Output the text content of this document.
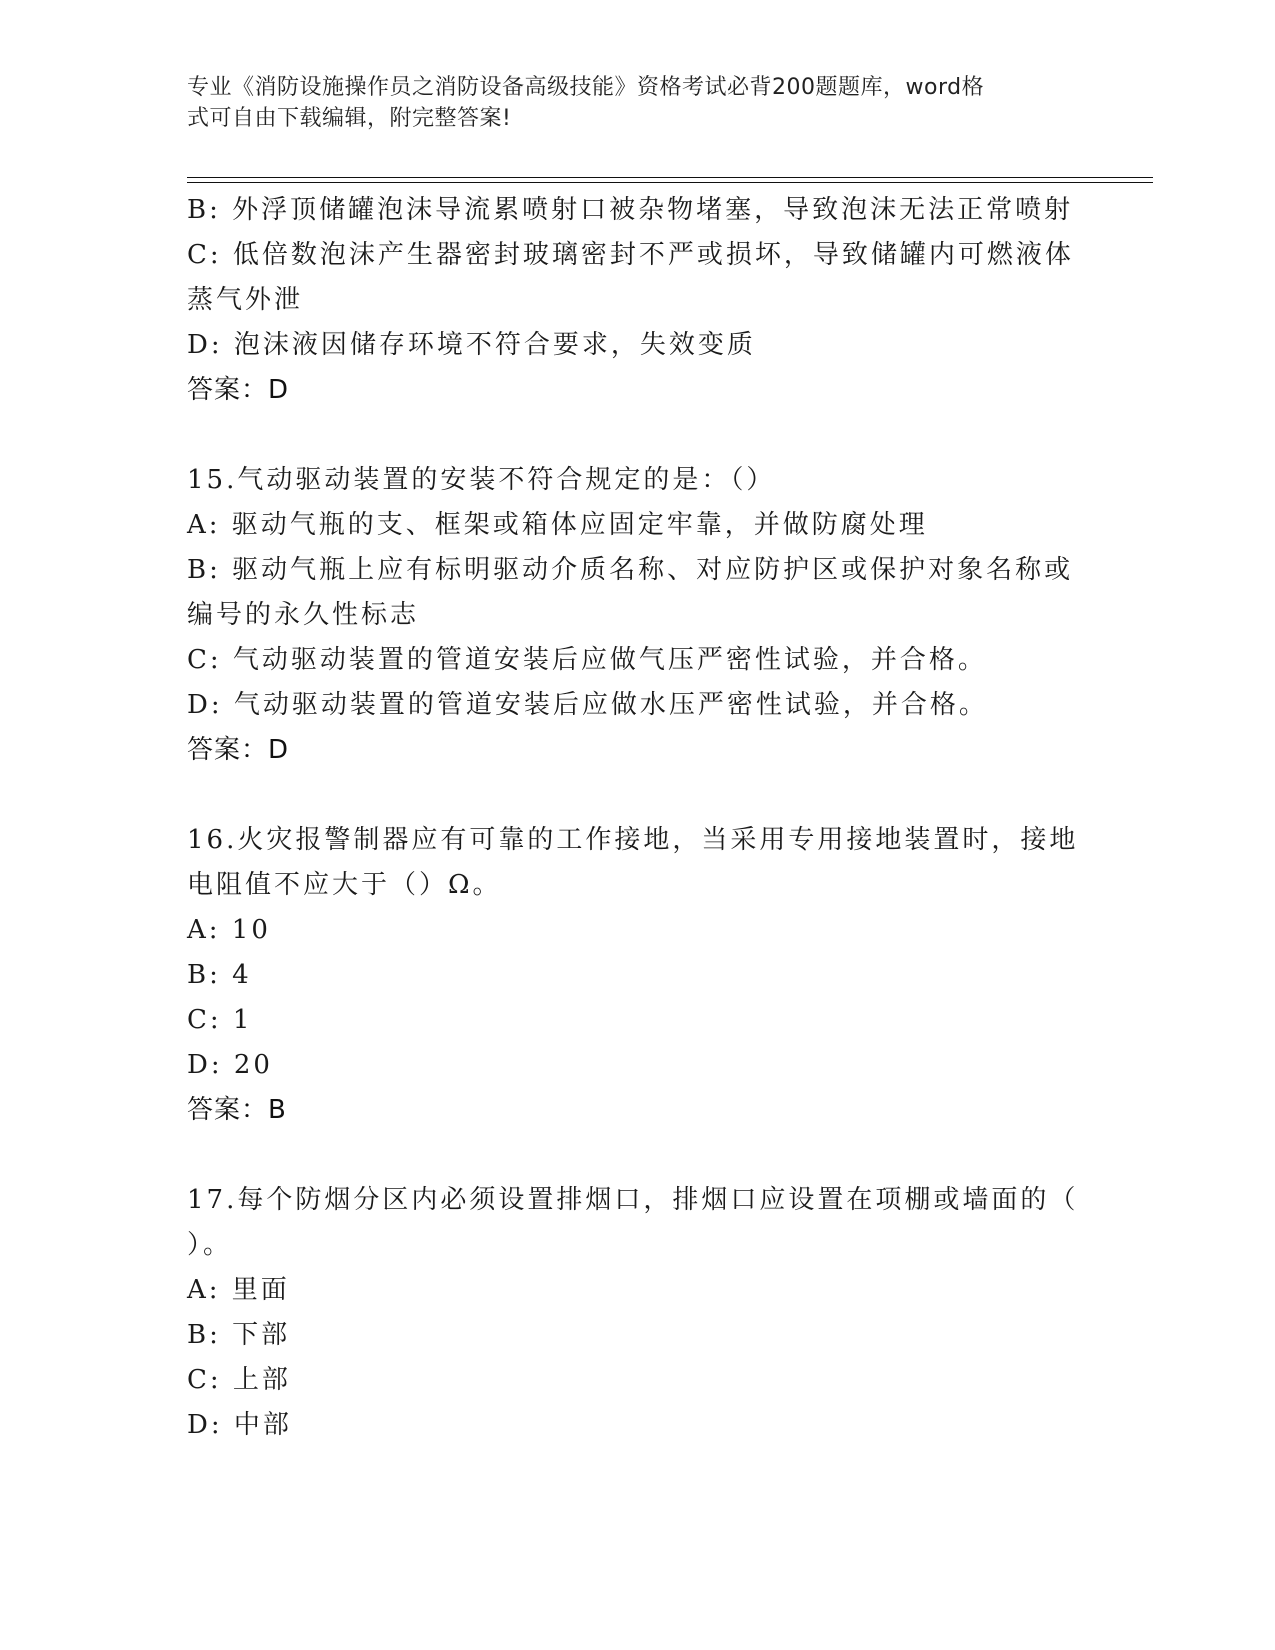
专业《消防设施操作员之消防设备高级技能》资格考试必背200题题库，word格
式可自由下载编辑，附完整答案!
B: 外浮顶储罐泡沫导流累喷射口被杂物堵塞，导致泡沫无法正常喷射
C: 低倍数泡沫产生器密封玻璃密封不严或损坏，导致储罐内可燃液体
蒸气外泄
D: 泡沫液因储存环境不符合要求，失效变质
答案：D
15.气动驱动装置的安装不符合规定的是：（）
A: 驱动气瓶的支、框架或箱体应固定牢靠，并做防腐处理
B: 驱动气瓶上应有标明驱动介质名称、对应防护区或保护对象名称或
编号的永久性标志
C: 气动驱动装置的管道安装后应做气压严密性试验，并合格。
D: 气动驱动装置的管道安装后应做水压严密性试验，并合格。
答案：D
16.火灾报警制器应有可靠的工作接地，当采用专用接地装置时，接地
电阻值不应大于（）Ω。
A: 10
B: 4
C: 1
D: 20
答案：B
17.每个防烟分区内必须设置排烟口，排烟口应设置在项棚或墙面的（
）。
A: 里面
B: 下部
C: 上部
D: 中部
